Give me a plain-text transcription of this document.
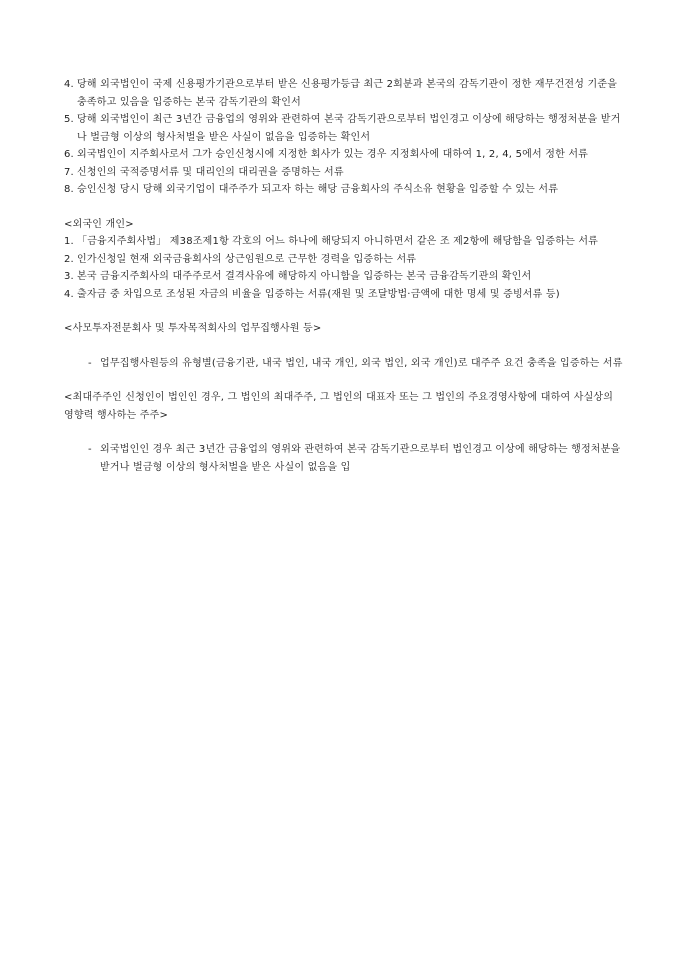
4. 당해 외국법인이 국제 신용평가기관으로부터 받은 신용평가등급 최근 2회분과 본국의 감독기관이 정한 재무건전성 기준을 충족하고 있음을 입증하는 본국 감독기관의 확인서
5. 당해 외국법인이 최근 3년간 금융업의 영위와 관련하여 본국 감독기관으로부터 법인경고 이상에 해당하는 행정처분을 받거나 벌금형 이상의 형사처벌을 받은 사실이 없음을 입증하는 확인서
6. 외국법인이 지주회사로서 그가 승인신청시에 지정한 회사가 있는 경우 지정회사에 대하여 1, 2, 4, 5에서 정한 서류
7. 신청인의 국적증명서류 및 대리인의 대리권을 증명하는 서류
8. 승인신청 당시 당해 외국기업이 대주주가 되고자 하는 해당 금융회사의 주식소유 현황을 입증할 수 있는 서류

<외국인 개인>

1. 「금융지주회사법」 제38조제1항 각호의 어느 하나에 해당되지 아니하면서 같은 조 제2항에 해당함을 입증하는 서류
2. 인가신청일 현재 외국금융회사의 상근임원으로 근무한 경력을 입증하는 서류
3. 본국 금융지주회사의 대주주로서 결격사유에 해당하지 아니함을 입증하는 본국 금융감독기관의 확인서
4. 출자금 중 차입으로 조성된 자금의 비율을 입증하는 서류(재원 및 조달방법·금액에 대한 명세 및 증빙서류 등)

<사모투자전문회사 및 투자목적회사의 업무집행사원 등>

- 업무집행사원등의 유형별(금융기관, 내국 법인, 내국 개인, 외국 법인, 외국 개인)로 대주주 요건 충족을 입증하는 서류

<최대주주인 신청인이 법인인 경우, 그 법인의 최대주주, 그 법인의 대표자 또는 그 법인의 주요경영사항에 대하여 사실상의 영향력 행사하는 주주>

- 외국법인인 경우 최근 3년간 금융업의 영위와 관련하여 본국 감독기관으로부터 법인경고 이상에 해당하는 행정처분을 받거나 벌금형 이상의 형사처벌을 받은 사실이 없음을 입
